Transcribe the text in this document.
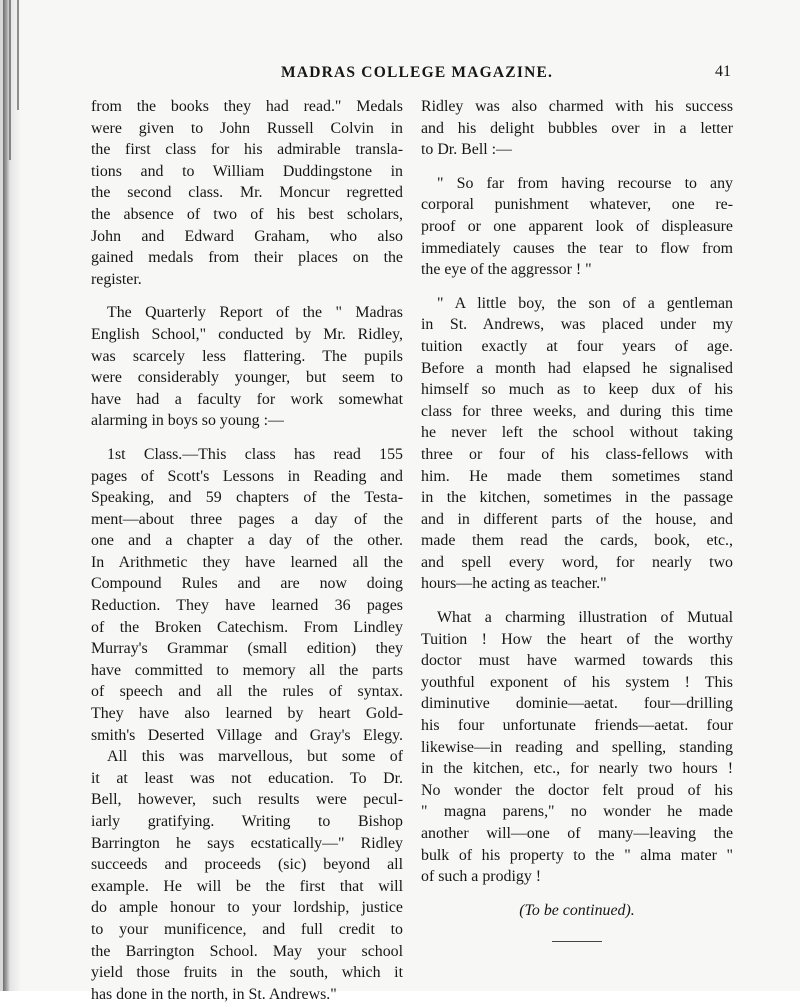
MADRAS COLLEGE MAGAZINE.	41

from the books they had read." Medals
were given to John Russell Colvin in
the first class for his admirable transla-
tions and to William Duddingstone in
the second class. Mr. Moncur regretted
the absence of two of his best scholars,
John and Edward Graham, who also
gained medals from their places on the
register.

The Quarterly Report of the " Madras
English School," conducted by Mr. Ridley,
was scarcely less flattering. The pupils
were considerably younger, but seem to
have had a faculty for work somewhat
alarming in boys so young :—

1st Class.—This class has read 155
pages of Scott's Lessons in Reading and
Speaking, and 59 chapters of the Testa-
ment—about three pages a day of the
one and a chapter a day of the other.
In Arithmetic they have learned all the
Compound Rules and are now doing
Reduction. They have learned 36 pages
of the Broken Catechism. From Lindley
Murray's Grammar (small edition) they
have committed to memory all the parts
of speech and all the rules of syntax.
They have also learned by heart Gold-
smith's Deserted Village and Gray's Elegy.

All this was marvellous, but some of
it at least was not education. To Dr.
Bell, however, such results were pecul-
iarly gratifying. Writing to Bishop
Barrington he says ecstatically—" Ridley
succeeds and proceeds (sic) beyond all
example. He will be the first that will
do ample honour to your lordship, justice
to your munificence, and full credit to
the Barrington School. May your school
yield those fruits in the south, which it
has done in the north, in St. Andrews."

Ridley was also charmed with his success
and his delight bubbles over in a letter
to Dr. Bell :—

" So far from having recourse to any
corporal punishment whatever, one re-
proof or one apparent look of displeasure
immediately causes the tear to flow from
the eye of the aggressor ! "

" A little boy, the son of a gentleman
in St. Andrews, was placed under my
tuition exactly at four years of age.
Before a month had elapsed he signalised
himself so much as to keep dux of his
class for three weeks, and during this time
he never left the school without taking
three or four of his class-fellows with
him. He made them sometimes stand
in the kitchen, sometimes in the passage
and in different parts of the house, and
made them read the cards, book, etc.,
and spell every word, for nearly two
hours—he acting as teacher."

What a charming illustration of Mutual
Tuition ! How the heart of the worthy
doctor must have warmed towards this
youthful exponent of his system ! This
diminutive dominie—aetat. four—drilling
his four unfortunate friends—aetat. four
likewise—in reading and spelling, standing
in the kitchen, etc., for nearly two hours !
No wonder the doctor felt proud of his
" magna parens," no wonder he made
another will—one of many—leaving the
bulk of his property to the " alma mater "
of such a prodigy !

(To be continued).
